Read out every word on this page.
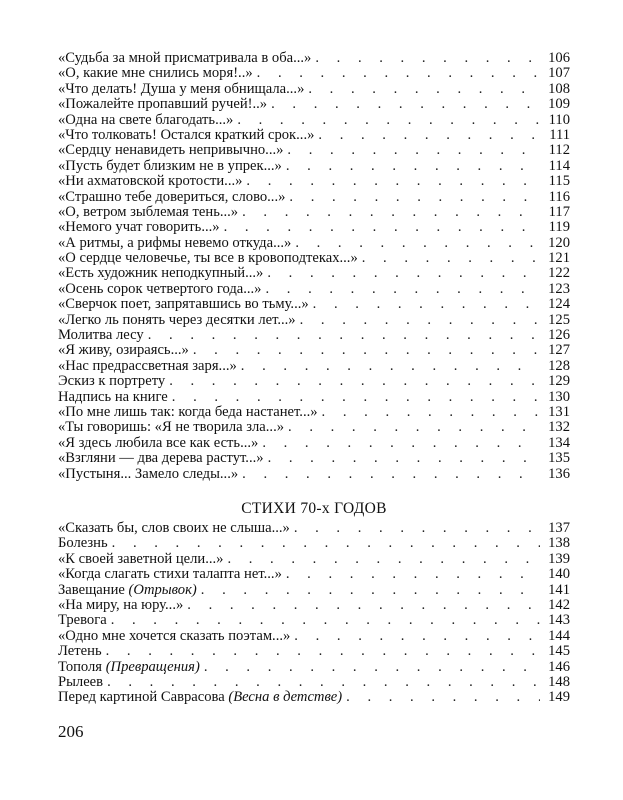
«Судьба за мной присматривала в оба...» . . .	106
«О, какие мне снились моря!..» . . .	107
«Что делать! Душа у меня обнищала...» . . .	108
«Пожалейте пропавший ручей!..» . . .	109
«Одна на свете благодать...» . . .	110
«Что толковать! Остался краткий срок...» . . .	111
«Сердцу ненавидеть непривычно...» . . .	112
«Пусть будет близким не в упрек...» . . .	114
«Ни ахматовской кротости...» . . .	115
«Страшно тебе довериться, слово...» . . .	116
«О, ветром зыблемая тень...» . . .	117
«Немого учат говорить...» . . .	119
«А ритмы, а рифмы невемо откуда...» . . .	120
«О сердце человечье, ты все в кровоподтеках...» . . .	121
«Есть художник неподкупный...» . . .	122
«Осень сорок четвертого года...» . . .	123
«Сверчок поет, запрятавшись во тьму...» . . .	124
«Легко ль понять через десятки лет...» . . .	125
Молитва лесу . . .	126
«Я живу, озираясь...» . . .	127
«Нас предрассветная заря...» . . .	128
Эскиз к портрету . . .	129
Надпись на книге . . .	130
«По мне лишь так: когда беда настанет...» . . .	131
«Ты говоришь: «Я не творила зла...» . . .	132
«Я здесь любила все как есть...» . . .	134
«Взгляни — два дерева растут...» . . .	135
«Пустыня... Замело следы...» . . .	136
СТИХИ 70-х ГОДОВ
«Сказать бы, слов своих не слыша...» . . .	137
Болезнь . . .	138
«К своей заветной цели...» . . .	139
«Когда слагать стихи талапта нет...» . . .	140
Завещание (Отрывок) . . .	141
«На миру, на юру...» . . .	142
Тревога . . .	143
«Одно мне хочется сказать поэтам...» . . .	144
Летень . . .	145
Тополя (Превращения) . . .	146
Рылеев . . .	148
Перед картиной Саврасова (Весна в детстве) . . .	149
206
